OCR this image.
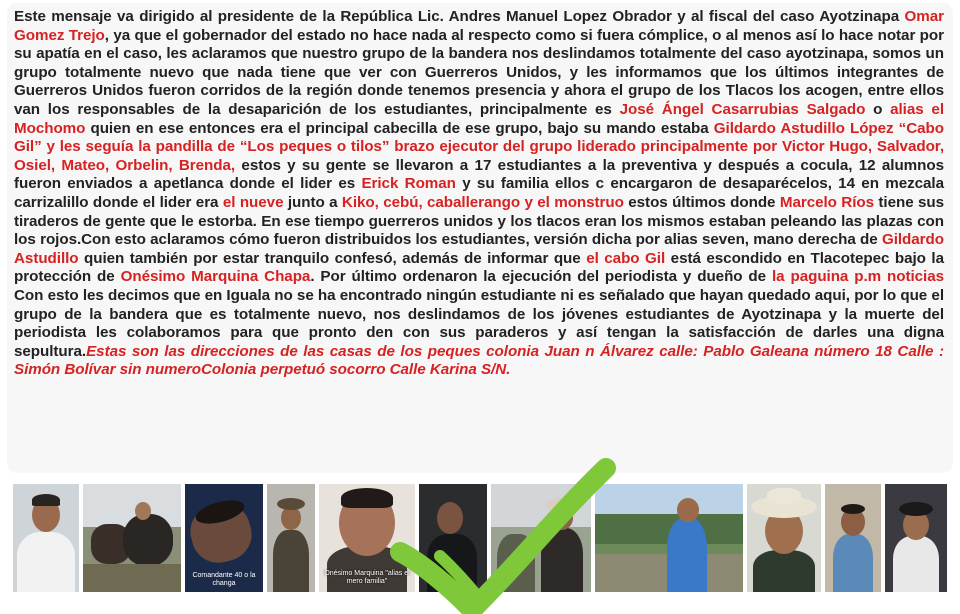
Este mensaje va dirigido al presidente de la República Lic. Andres Manuel Lopez Obrador y al fiscal del caso Ayotzinapa Omar Gomez Trejo, ya que el gobernador del estado no hace nada al respecto como si fuera cómplice, o al menos así lo hace notar por su apatía en el caso, les aclaramos que nuestro grupo de la bandera nos deslindamos totalmente del caso ayotzinapa, somos un grupo totalmente nuevo que nada tiene que ver con Guerreros Unidos, y les informamos que los últimos integrantes de Guerreros Unidos fueron corridos de la región donde tenemos presencia y ahora el grupo de los Tlacos los acogen, entre ellos van los responsables de la desaparición de los estudiantes, principalmente es José Ángel Casarrubias Salgado o alias el Mochomo quien en ese entonces era el principal cabecilla de ese grupo, bajo su mando estaba Gildardo Astudillo López “Cabo Gil” y les seguía la pandilla de “Los peques o tilos” brazo ejecutor del grupo liderado principalmente por Victor Hugo, Salvador, Osiel, Mateo, Orbelin, Brenda, estos y su gente se llevaron a 17 estudiantes a la preventiva y después a cocula, 12 alumnos fueron enviados a apetlanca donde el lider es Erick Roman y su familia ellos c encargaron de desaparécelos, 14 en mezcala carrizalillo donde el lider era el nueve junto a Kiko, cebú, caballerango y el monstruo estos últimos donde Marcelo Ríos tiene sus tiraderos de gente que le estorba. En ese tiempo guerreros unidos y los tlacos eran los mismos estaban peleando las plazas con los rojos.Con esto aclaramos cómo fueron distribuidos los estudiantes, versión dicha por alias seven, mano derecha de Gildardo Astudillo quien también por estar tranquilo confesó, además de informar que el cabo Gil está escondido en Tlacotepec bajo la protección de Onésimo Marquina Chapa. Por último ordenaron la ejecución del periodista y dueño de la paguina p.m noticias Con esto les decimos que en Iguala no se ha encontrado ningún estudiante ni es señalado que hayan quedado aqui, por lo que el grupo de la bandera que es totalmente nuevo, nos deslindamos de los jóvenes estudiantes de Ayotzinapa y la muerte del periodista les colaboramos para que pronto den con sus paraderos y así tengan la satisfacción de darles una digna sepultura.Estas son las direcciones de las casas de los peques colonia Juan n Álvarez calle: Pablo Galeana número 18 Calle : Simón Bolívar sin numeroColonia perpetuó socorro Calle Karina S/N.

Comandante 40 o la changa
Onésimo Marquina "alias el mero familia"
